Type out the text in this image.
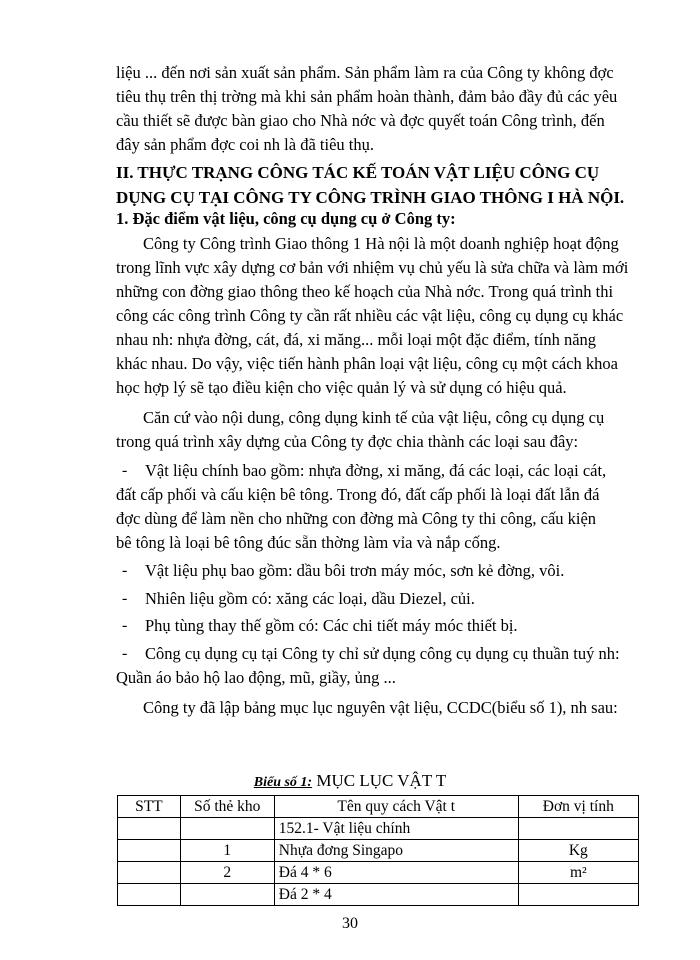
liệu ... đến nơi sản xuất sản phẩm. Sản phẩm làm ra của Công ty không đợc
tiêu thụ trên thị trờng mà khi sản phẩm hoàn thành, đảm bảo đầy đủ các yêu
cầu thiết sẽ được bàn giao cho Nhà nớc và đợc quyết toán Công trình, đến
đây sản phẩm đợc coi nh là đã tiêu thụ.
II. THỰC TRẠNG CÔNG TÁC KẾ TOÁN VẬT LIỆU CÔNG CỤ
DỤNG CỤ TẠI CÔNG TY CÔNG TRÌNH GIAO THÔNG I HÀ NỘI.
1. Đặc điểm vật liệu, công cụ dụng cụ ở Công ty:
Công ty Công trình Giao thông 1 Hà nội là một doanh nghiệp hoạt động
trong lĩnh vực xây dựng cơ bản với nhiệm vụ chủ yếu là sửa chữa và làm mới
những con đờng giao thông theo kế hoạch của Nhà nớc. Trong quá trình thi
công các công trình Công ty cần rất nhiều các vật liệu, công cụ dụng cụ khác
nhau nh: nhựa đờng, cát, đá, xi măng... mỗi loại một đặc điểm, tính năng
khác nhau. Do vậy, việc tiến hành phân loại vật liệu, công cụ một cách khoa
học hợp lý sẽ tạo điều kiện cho việc quản lý và sử dụng có hiệu quả.
Căn cứ vào nội dung, công dụng kinh tế của vật liệu, công cụ dụng cụ
trong quá trình xây dựng của Công ty đợc chia thành các loại sau đây:
- Vật liệu chính bao gồm: nhựa đờng, xi măng, đá các loại, các loại cát,
đất cấp phối và cấu kiện bê tông. Trong đó, đất cấp phối là loại đất lẫn đá
đợc dùng để làm nền cho những con đờng mà Công ty thi công, cấu kiện
bê tông là loại bê tông đúc sẵn thờng làm vỉa và nắp cống.
- Vật liệu phụ bao gồm: dầu bôi trơn máy móc, sơn kẻ đờng, vôi.
- Nhiên liệu gồm có: xăng các loại, dầu Diezel, củi.
- Phụ tùng thay thế gồm có: Các chi tiết máy móc thiết bị.
- Công cụ dụng cụ tại Công ty chỉ sử dụng công cụ dụng cụ thuần tuý nh:
Quần áo bảo hộ lao động, mũ, giầy, ủng ...
Công ty đã lập bảng mục lục nguyên vật liệu, CCDC(biểu số 1), nh sau:
Biểu số 1: MỤC LỤC VẬT T
STT	Số thẻ kho	Tên quy cách Vật t	Đơn vị tính
		152.1- Vật liệu chính	
	1	Nhựa đơng Singapo	Kg
	2	Đá 4 * 6	m²
		Đá 2 * 4	
30
